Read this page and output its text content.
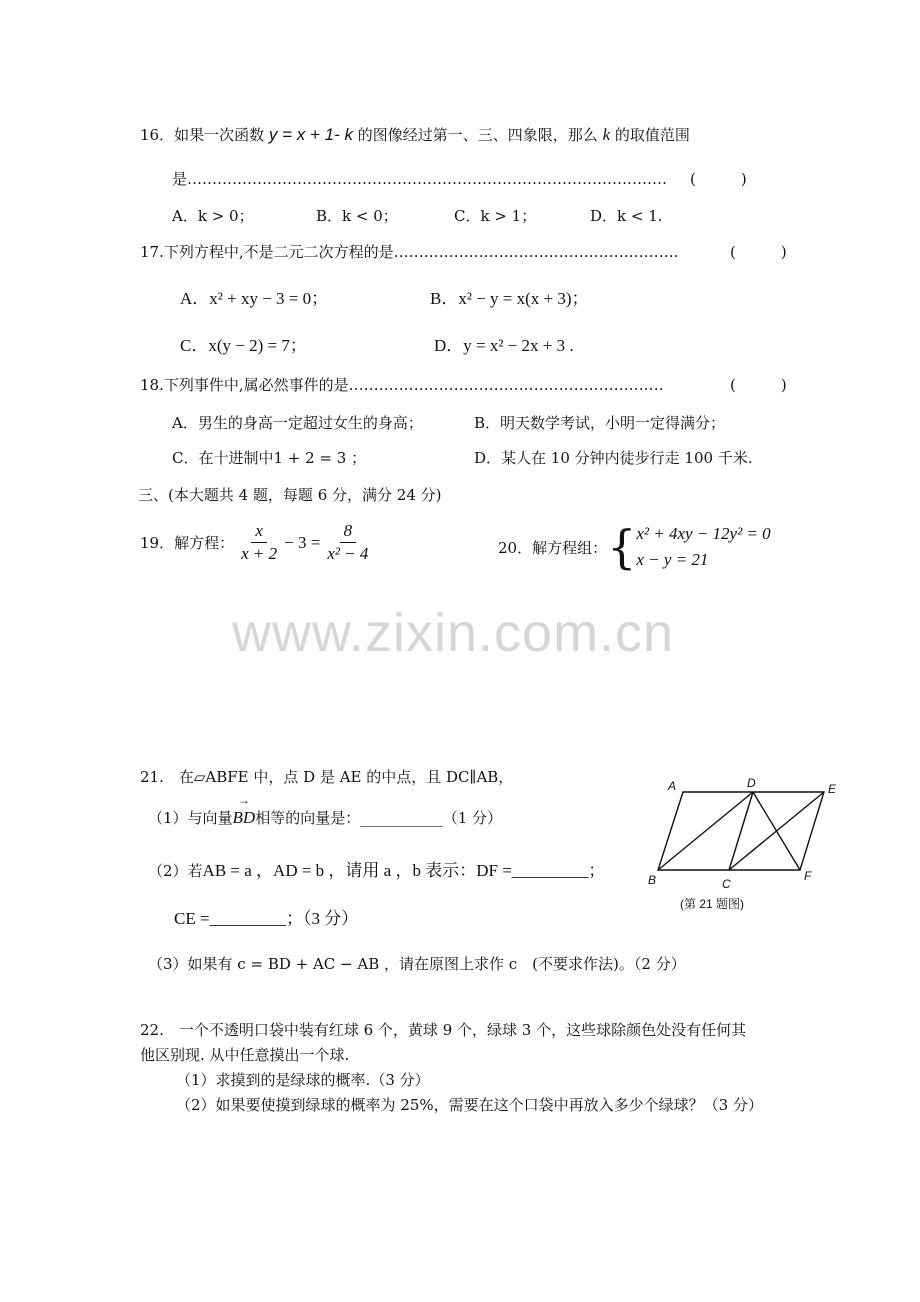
16．如果一次函数 y = x + 1- k 的图像经过第一、三、四象限，那么 k 的取值范围
是…………………………………………………………………………………… (　　　)
A．k > 0；	B．k < 0；	C．k > 1；	D．k < 1.
17.下列方程中,不是二元二次方程的是…………………………………………………	(　　　)
A．x² + xy − 3 = 0；	B．x² − y = x(x + 3)；
C．x(y − 2) = 7；	D．y = x² − 2x + 3 .
18.下列事件中,属必然事件的是………………………………………………………	(　　　)
A．男生的身高一定超过女生的身高；	B．明天数学考试，小明一定得满分；
C．在十进制中1 + 2 = 3 ；	D．某人在 10 分钟内徒步行走 100 千米.
三、(本大题共 4 题，每题 6 分，满分 24 分)
19．解方程： $\frac{x}{x + 2} - 3 = \frac{8}{\text{x² − 4}}$	20．解方程组： { x² + 4xy − 12y² = 0
x − y = 21
www.zixin.com.cn
21.　在▱ABFE 中，点 D 是 AE 的中点，且 DC∥AB，
（1）与向量→ BD相等的向量是：___________（1 分）
（2）若AB = a ，AD = b ，请用 a ，b 表示：DF =_________；
CE =_________；（3 分）
（3）如果有 c = BD + AC − AB ，请在原图上求作 c　(不要求作法)。（2 分）
A	D	E
B	C
F
(第 21 题图)
22.　一个不透明口袋中装有红球 6 个，黄球 9 个，绿球 3 个，这些球除颜色处没有任何其
他区别现. 从中任意摸出一个球.
（1）求摸到的是绿球的概率.（3 分）
（2）如果要使摸到绿球的概率为 25%，需要在这个口袋中再放入多少个绿球？（3 分）
